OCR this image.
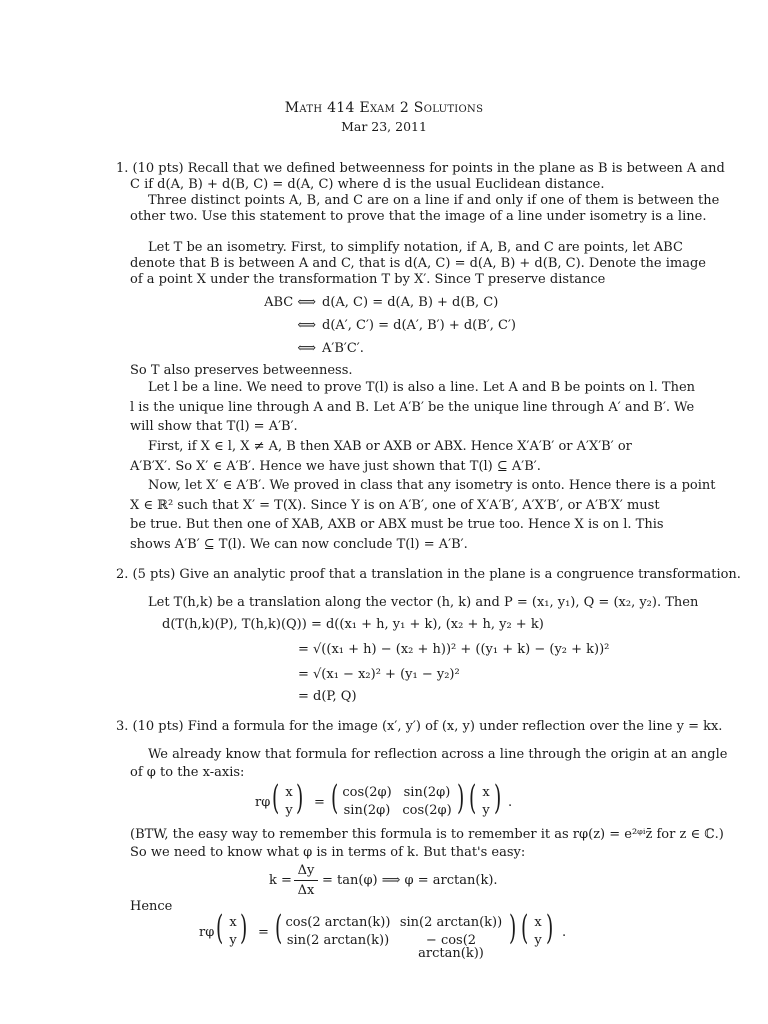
Math 414 Exam 2 Solutions
Mar 23, 2011
1. (10 pts) Recall that we defined betweenness for points in the plane as B is between A and
C if d(A, B) + d(B, C) = d(A, C) where d is the usual Euclidean distance.
Three distinct points A, B, and C are on a line if and only if one of them is between the
other two. Use this statement to prove that the image of a line under isometry is a line.
Let T be an isometry. First, to simplify notation, if A, B, and C are points, let ABC
denote that B is between A and C, that is d(A, C) = d(A, B) + d(B, C). Denote the image
of a point X under the transformation T by X′. Since T preserve distance
ABC ⟺ d(A, C) = d(A, B) + d(B, C)
⟺ d(A′, C′) = d(A′, B′) + d(B′, C′)
⟺ A′B′C′.
So T also preserves betweenness.
Let l be a line. We need to prove T(l) is also a line. Let A and B be points on l. Then
l is the unique line through A and B. Let A′B′ be the unique line through A′ and B′. We
will show that T(l) = A′B′.
First, if X ∈ l, X ≠ A, B then XAB or AXB or ABX. Hence X′A′B′ or A′X′B′ or
A′B′X′. So X′ ∈ A′B′. Hence we have just shown that T(l) ⊆ A′B′.
Now, let X′ ∈ A′B′. We proved in class that any isometry is onto. Hence there is a point
X ∈ ℝ² such that X′ = T(X). Since Y is on A′B′, one of X′A′B′, A′X′B′, or A′B′X′ must
be true. But then one of XAB, AXB or ABX must be true too. Hence X is on l. This
shows A′B′ ⊆ T(l). We can now conclude T(l) = A′B′.
2. (5 pts) Give an analytic proof that a translation in the plane is a congruence transformation.
Let T(h,k) be a translation along the vector (h, k) and P = (x₁, y₁), Q = (x₂, y₂). Then
d(T(h,k)(P), T(h,k)(Q)) = d((x₁ + h, y₁ + k), (x₂ + h, y₂ + k)
= √((x₁ + h) − (x₂ + h))² + ((y₁ + k) − (y₂ + k))²
= √(x₁ − x₂)² + (y₁ − y₂)²
= d(P, Q)
3. (10 pts) Find a formula for the image (x′, y′) of (x, y) under reflection over the line y = kx.
We already know that formula for reflection across a line through the origin at an angle
of φ to the x-axis:
rφ ( x
y ) = ( cos(2φ) sin(2φ)
sin(2φ) cos(2φ) ) ( x
y ) .
(BTW, the easy way to remember this formula is to remember it as rφ(z) = e²ᵠⁱz̄ for z ∈ ℂ.)
So we need to know what φ is in terms of k. But that's easy:
k =
Δy
Δx
= tan(φ) ⟹ φ = arctan(k).
Hence
rφ ( x
y ) = ( cos(2 arctan(k)) sin(2 arctan(k))
sin(2 arctan(k))	− cos(2 arctan(k))
) ( x
y ) .
